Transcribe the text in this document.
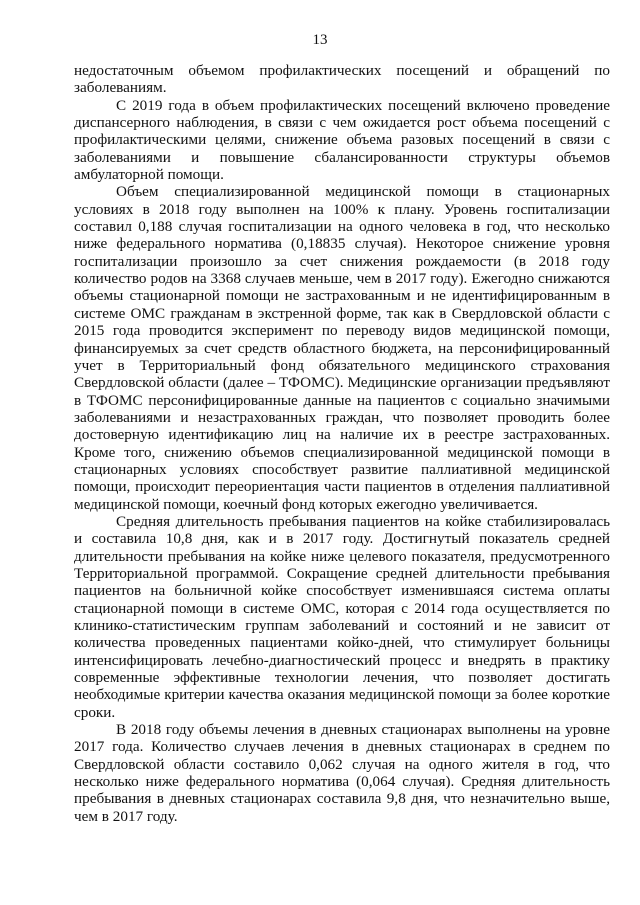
13

недостаточным объемом профилактических посещений и обращений по заболеваниям.

С 2019 года в объем профилактических посещений включено проведение диспансерного наблюдения, в связи с чем ожидается рост объема посещений с профилактическими целями, снижение объема разовых посещений в связи с заболеваниями и повышение сбалансированности структуры объемов амбулаторной помощи.

Объем специализированной медицинской помощи в стационарных условиях в 2018 году выполнен на 100% к плану. Уровень госпитализации составил 0,188 случая госпитализации на одного человека в год, что несколько ниже федерального норматива (0,18835 случая). Некоторое снижение уровня госпитализации произошло за счет снижения рождаемости (в 2018 году количество родов на 3368 случаев меньше, чем в 2017 году). Ежегодно снижаются объемы стационарной помощи не застрахованным и не идентифицированным в системе ОМС гражданам в экстренной форме, так как в Свердловской области с 2015 года проводится эксперимент по переводу видов медицинской помощи, финансируемых за счет средств областного бюджета, на персонифицированный учет в Территориальный фонд обязательного медицинского страхования Свердловской области (далее – ТФОМС). Медицинские организации предъявляют в ТФОМС персонифицированные данные на пациентов с социально значимыми заболеваниями и незастрахованных граждан, что позволяет проводить более достоверную идентификацию лиц на наличие их в реестре застрахованных. Кроме того, снижению объемов специализированной медицинской помощи в стационарных условиях способствует развитие паллиативной медицинской помощи, происходит переориентация части пациентов в отделения паллиативной медицинской помощи, коечный фонд которых ежегодно увеличивается.

Средняя длительность пребывания пациентов на койке стабилизировалась и составила 10,8 дня, как и в 2017 году. Достигнутый показатель средней длительности пребывания на койке ниже целевого показателя, предусмотренного Территориальной программой. Сокращение средней длительности пребывания пациентов на больничной койке способствует изменившаяся система оплаты стационарной помощи в системе ОМС, которая с 2014 года осуществляется по клинико-статистическим группам заболеваний и состояний и не зависит от количества проведенных пациентами койко-дней, что стимулирует больницы интенсифицировать лечебно-диагностический процесс и внедрять в практику современные эффективные технологии лечения, что позволяет достигать необходимые критерии качества оказания медицинской помощи за более короткие сроки.

В 2018 году объемы лечения в дневных стационарах выполнены на уровне 2017 года. Количество случаев лечения в дневных стационарах в среднем по Свердловской области составило 0,062 случая на одного жителя в год, что несколько ниже федерального норматива (0,064 случая). Средняя длительность пребывания в дневных стационарах составила 9,8 дня, что незначительно выше, чем в 2017 году.
